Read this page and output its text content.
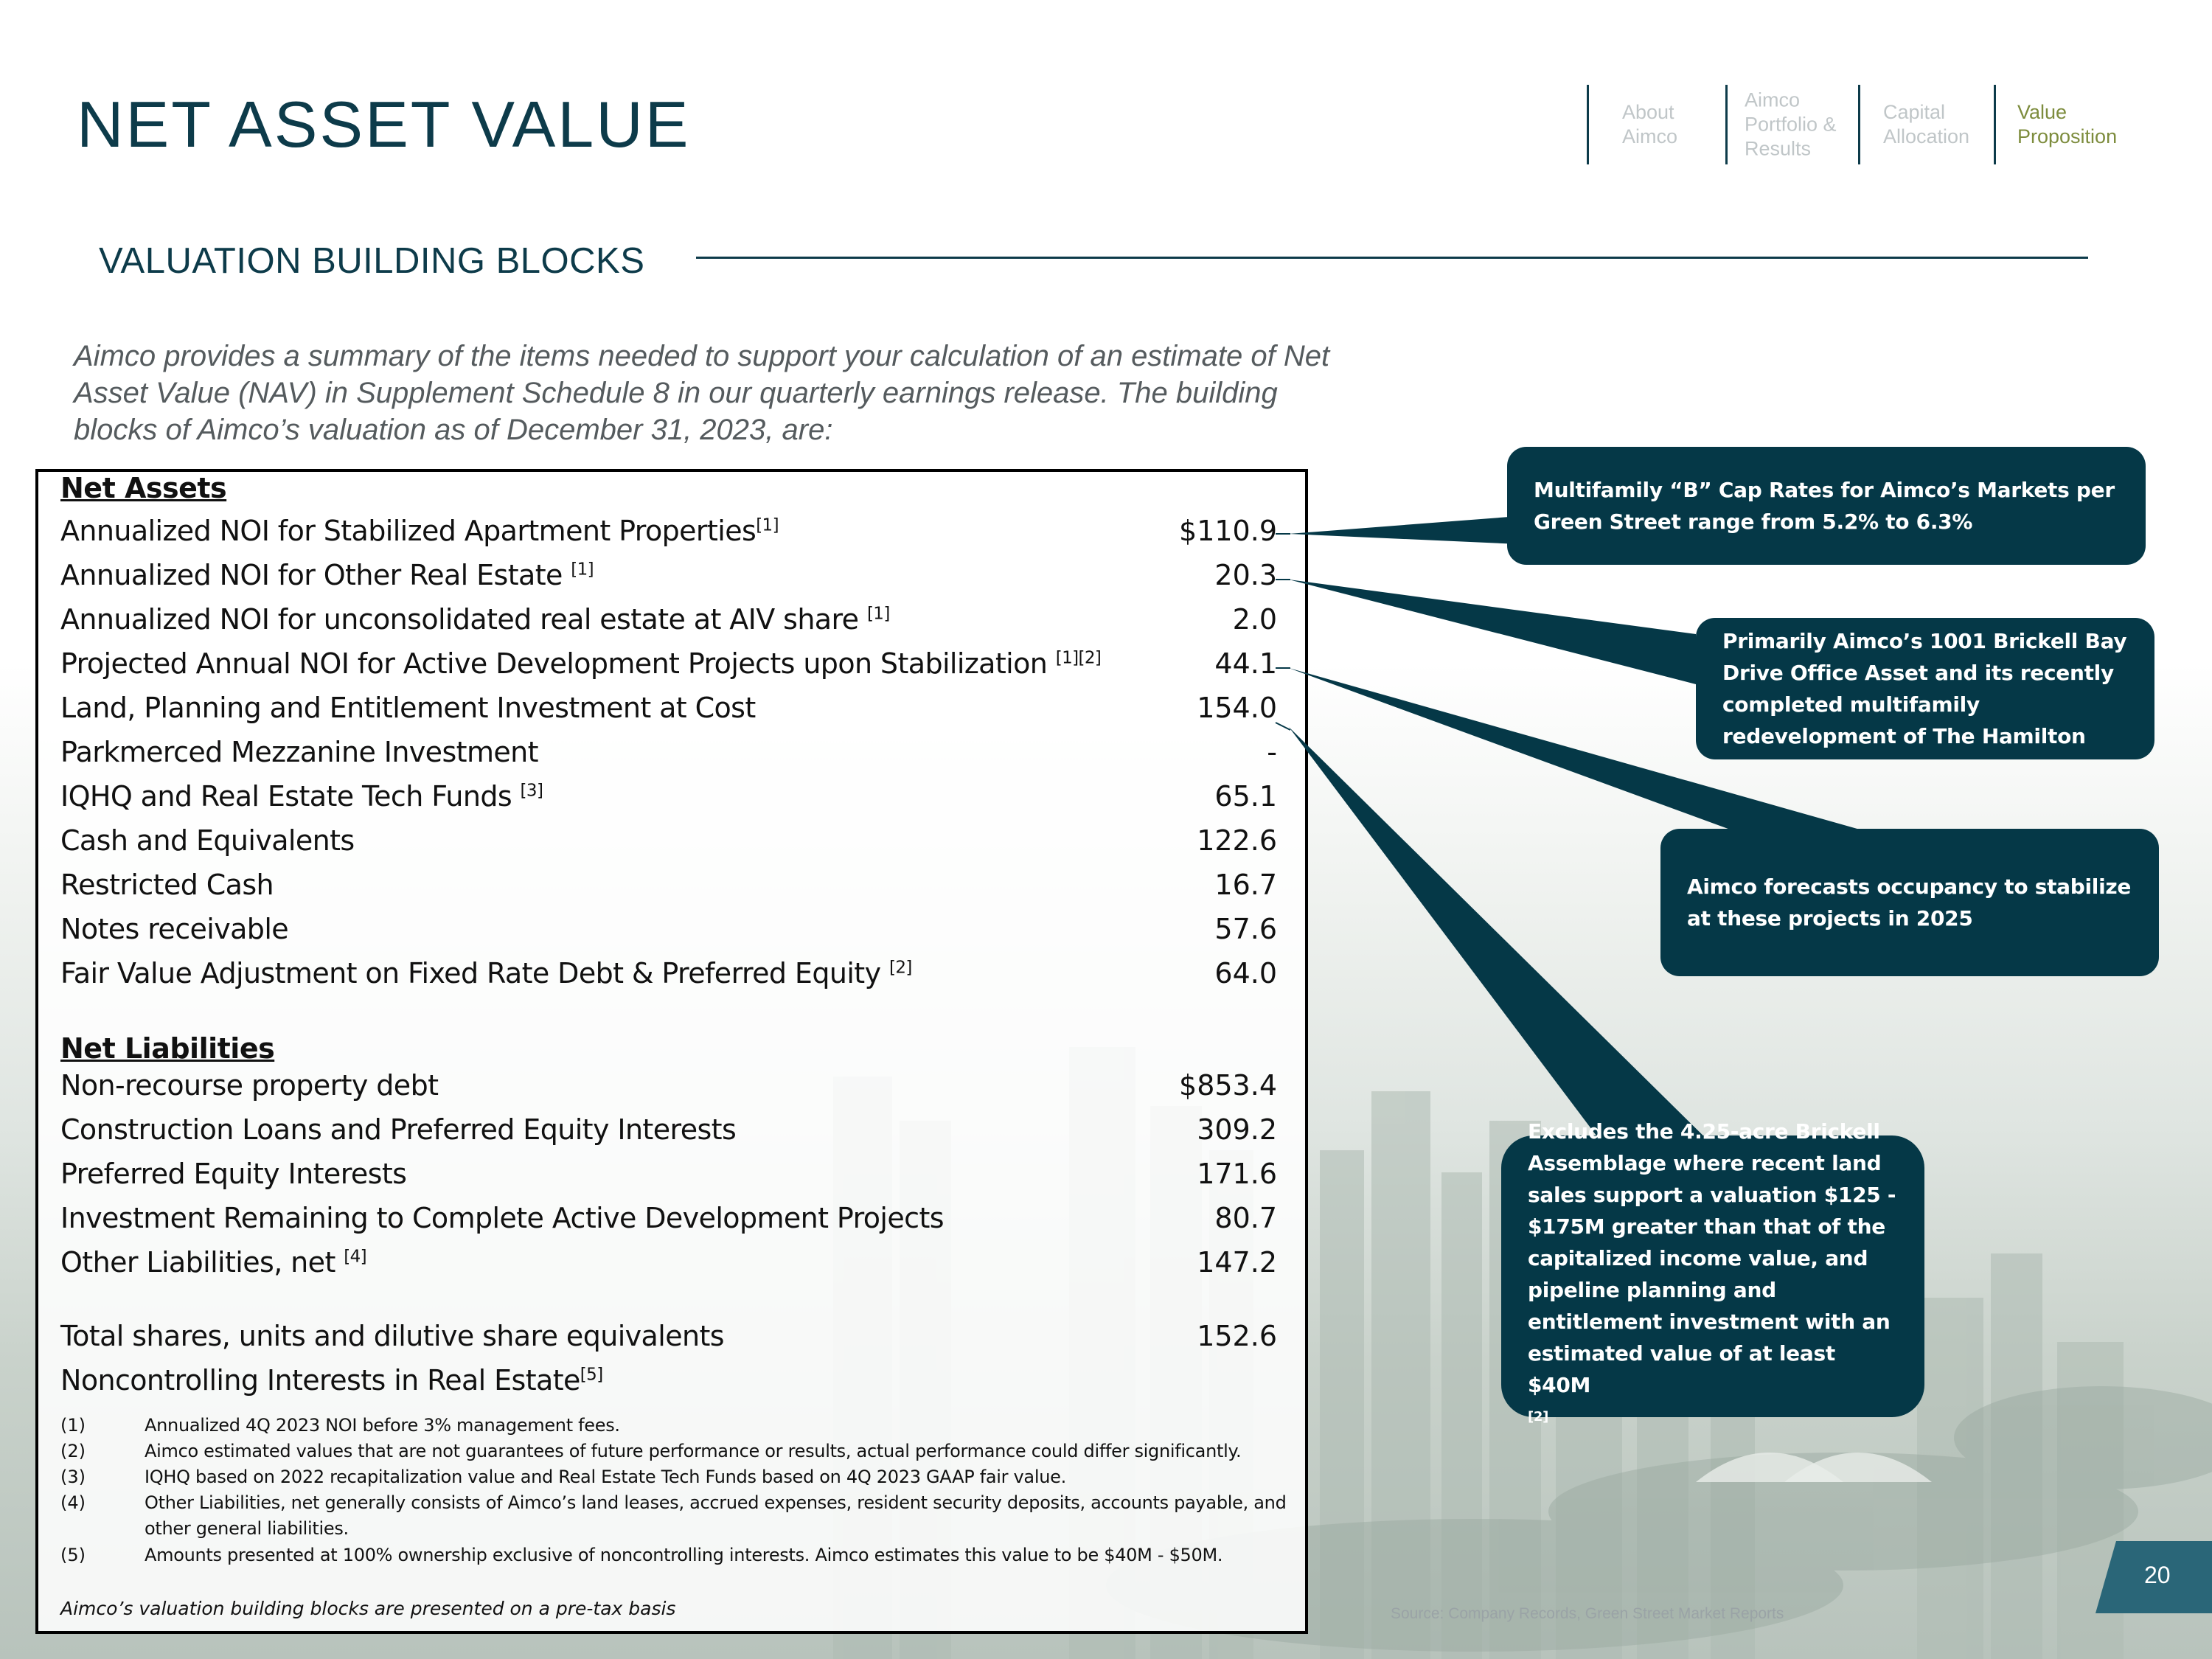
NET ASSET VALUE	About
Aimco
Aimco
Portfolio &
Results
Capital
Allocation
Value
Proposition
VALUATION BUILDING BLOCKS
Aimco provides a summary of the items needed to support your calculation of an estimate of Net Asset Value (NAV) in Supplement Schedule 8 in our quarterly earnings release. The building blocks of Aimco’s valuation as of December 31, 2023, are:
Net Assets
Annualized NOI for Stabilized Apartment Properties[1]	$110.9
Annualized NOI for Other Real Estate [1]	20.3
Annualized NOI for unconsolidated real estate at AIV share [1]	2.0
Projected Annual NOI for Active Development Projects upon Stabilization [1][2]	44.1
Land, Planning and Entitlement Investment at Cost	154.0
Parkmerced Mezzanine Investment	-
IQHQ and Real Estate Tech Funds [3]	65.1
Cash and Equivalents	122.6
Restricted Cash	16.7
Notes receivable	57.6
Fair Value Adjustment on Fixed Rate Debt & Preferred Equity [2]	64.0
Net Liabilities
Non-recourse property debt	$853.4
Construction Loans and Preferred Equity Interests	309.2
Preferred Equity Interests	171.6
Investment Remaining to Complete Active Development Projects	80.7
Other Liabilities, net [4]	147.2
Total shares, units and dilutive share equivalents	152.6
Noncontrolling Interests in Real Estate[5]
(1)	Annualized 4Q 2023 NOI before 3% management fees.
(2)	Aimco estimated values that are not guarantees of future performance or results, actual performance could differ significantly.
(3)	IQHQ based on 2022 recapitalization value and Real Estate Tech Funds based on 4Q 2023 GAAP fair value.
(4)	Other Liabilities, net generally consists of Aimco’s land leases, accrued expenses, resident security deposits, accounts payable, and other general liabilities.
(5)	Amounts presented at 100% ownership exclusive of noncontrolling interests. Aimco estimates this value to be $40M - $50M.
Aimco’s valuation building blocks are presented on a pre-tax basis
Multifamily “B” Cap Rates for Aimco’s Markets per Green Street range from 5.2% to 6.3%
Primarily Aimco’s 1001 Brickell Bay Drive Office Asset and its recently completed multifamily redevelopment of The Hamilton
Aimco forecasts occupancy to stabilize at these projects in 2025
Excludes the 4.25-acre Brickell Assemblage where recent land sales support a valuation $125 - $175M greater than that of the capitalized income value, and pipeline planning and entitlement investment with an estimated value of at least $40M
[2]
Source: Company Records, Green Street Market Reports
20
